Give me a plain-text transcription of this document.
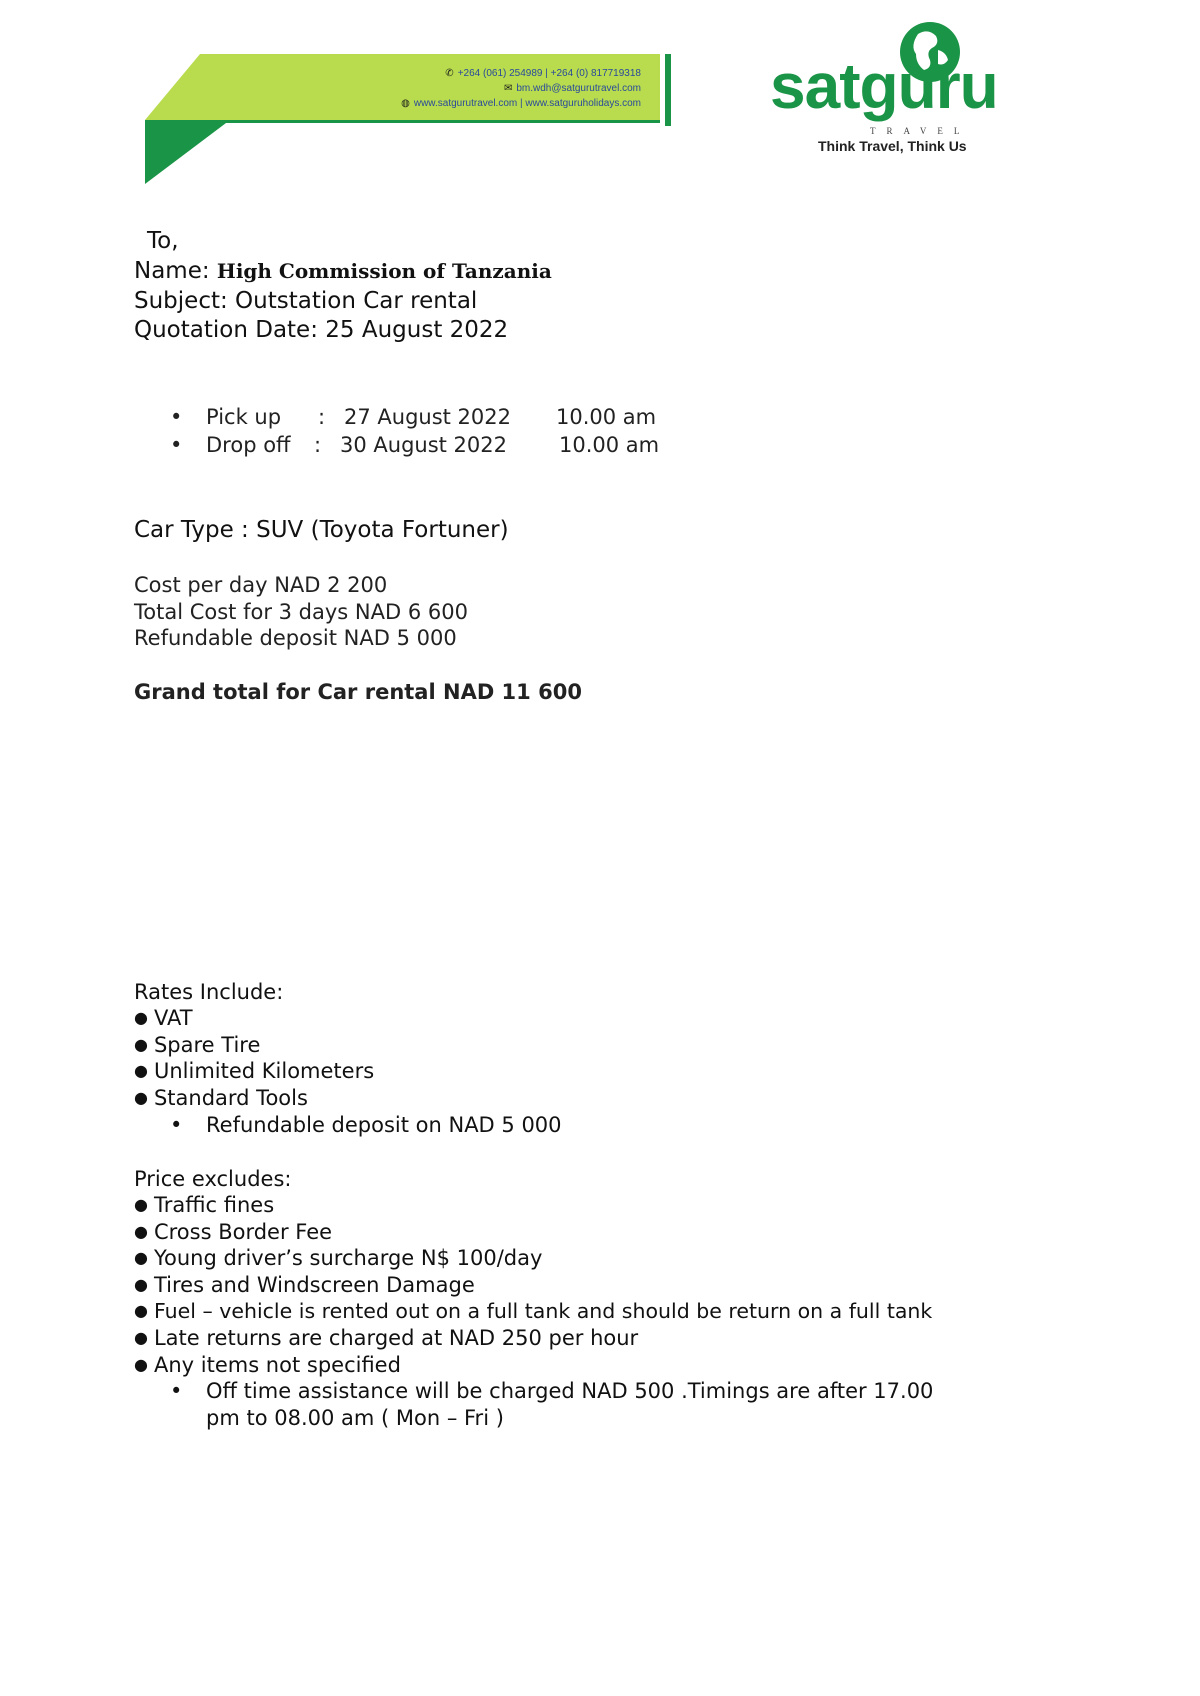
✆ +264 (061) 254989 | +264 (0) 817719318
✉ bm.wdh@satgurutravel.com
◍ www.satgurutravel.com | www.satguruholidays.com satguru
TRAVEL
Think Travel, Think Us
To,
Name: High Commission of Tanzania
Subject: Outstation Car rental
Quotation Date: 25 August 2022
• Pick up : 27 August 2022 10.00 am
• Drop off : 30 August 2022 10.00 am
Car Type : SUV (Toyota Fortuner)
Cost per day NAD 2 200
Total Cost for 3 days NAD 6 600
Refundable deposit NAD 5 000
Grand total for Car rental NAD 11 600
Rates Include:
● VAT
● Spare Tire
● Unlimited Kilometers
● Standard Tools
• Refundable deposit on NAD 5 000
Price excludes:
● Traffic fines
● Cross Border Fee
● Young driver’s surcharge N$ 100/day
● Tires and Windscreen Damage
● Fuel – vehicle is rented out on a full tank and should be return on a full tank
● Late returns are charged at NAD 250 per hour
● Any items not specified
• Off time assistance will be charged NAD 500 .Timings are after 17.00
pm to 08.00 am ( Mon – Fri )
